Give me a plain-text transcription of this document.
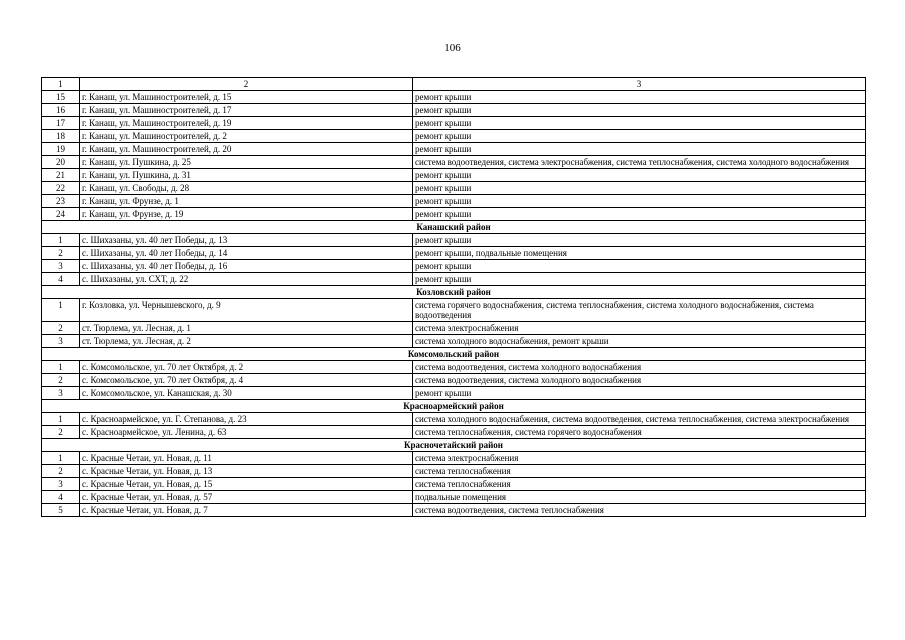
106
1	2	3
15	г. Канаш, ул. Машиностроителей, д. 15	ремонт крыши
16	г. Канаш, ул. Машиностроителей, д. 17	ремонт крыши
17	г. Канаш, ул. Машиностроителей, д. 19	ремонт крыши
18	г. Канаш, ул. Машиностроителей, д. 2	ремонт крыши
19	г. Канаш, ул. Машиностроителей, д. 20	ремонт крыши
20	г. Канаш, ул. Пушкина, д. 25	система водоотведения, система электроснабжения, система теплоснабжения, система холодного водоснабжения
21	г. Канаш, ул. Пушкина, д. 31	ремонт крыши
22	г. Канаш, ул. Свободы, д. 28	ремонт крыши
23	г. Канаш, ул. Фрунзе, д. 1	ремонт крыши
24	г. Канаш, ул. Фрунзе, д. 19	ремонт крыши
Канашский район		
1	с. Шихазаны, ул. 40 лет Победы, д. 13	ремонт крыши
2	с. Шихазаны, ул. 40 лет Победы, д. 14	ремонт крыши, подвальные помещения
3	с. Шихазаны, ул. 40 лет Победы, д. 16	ремонт крыши
4	с. Шихазаны, ул. СХТ, д. 22	ремонт крыши
Козловский район		
1	г. Козловка, ул. Чернышевского, д. 9	система горячего водоснабжения, система теплоснабжения, система холодного водоснабжения, система водоотведения
2	ст. Тюрлема, ул. Лесная, д. 1	система электроснабжения
3	ст. Тюрлема, ул. Лесная, д. 2	система холодного водоснабжения, ремонт крыши
Комсомольский район		
1	с. Комсомольское, ул. 70 лет Октября, д. 2	система водоотведения, система холодного водоснабжения
2	с. Комсомольское, ул. 70 лет Октября, д. 4	система водоотведения, система холодного водоснабжения
3	с. Комсомольское, ул. Канашская, д. 30	ремонт крыши
Красноармейский район		
1	с. Красноармейское, ул. Г. Степанова, д. 23	система холодного водоснабжения, система водоотведения, система теплоснабжения, система электроснабжения
2	с. Красноармейское, ул. Ленина, д. 63	система теплоснабжения, система горячего водоснабжения
Красночетайский район		
1	с. Красные Четаи, ул. Новая, д. 11	система электроснабжения
2	с. Красные Четаи, ул. Новая, д. 13	система теплоснабжения
3	с. Красные Четаи, ул. Новая, д. 15	система теплоснабжения
4	с. Красные Четаи, ул. Новая, д. 57	подвальные помещения
5	с. Красные Четаи, ул. Новая, д. 7	система водоотведения, система теплоснабжения
